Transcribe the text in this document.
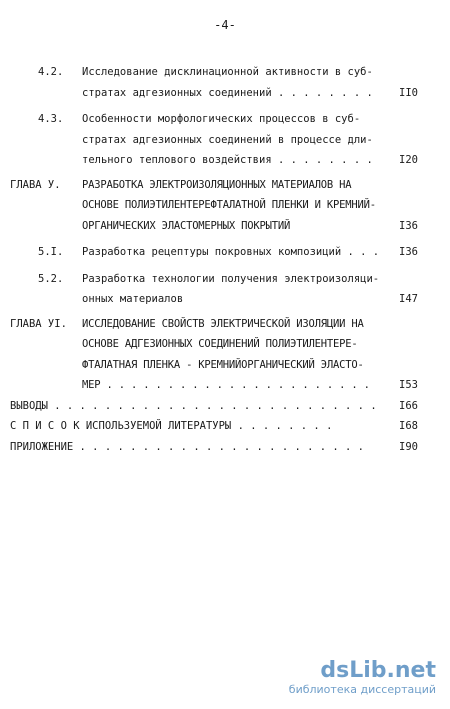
-4-
4.2. Исследование дисклинационной активности в суб-
стратах адгезионных соединений . . . . . . . .	II0
4.3. Особенности морфологических процессов в суб-
стратах адгезионных соединений в процессе дли-
тельного теплового воздействия . . . . . . . .	I20
ГЛАВА У. РАЗРАБОТКА ЭЛЕКТРОИЗОЛЯЦИОННЫХ МАТЕРИАЛОВ НА
ОСНОВЕ ПОЛИЭТИЛЕНТЕРЕФТАЛАТНОЙ ПЛЕНКИ И КРЕМНИЙ-
ОРГАНИЧЕСКИХ ЭЛАСТОМЕРНЫХ ПОКРЫТИЙ	I36
5.I. Разработка рецептуры покровных композиций . . . I36
5.2. Разработка технологии получения электроизоляци-
онных материалов	I47
ГЛАВА УI. ИССЛЕДОВАНИЕ СВОЙСТВ ЭЛЕКТРИЧЕСКОЙ ИЗОЛЯЦИИ НА
ОСНОВЕ АДГЕЗИОННЫХ СОЕДИНЕНИЙ ПОЛИЭТИЛЕНТЕРЕ-
ФТАЛАТНАЯ ПЛЕНКА - КРЕМНИЙОРГАНИЧЕСКИЙ ЭЛАСТО-
МЕР . . . . . . . . . . . . . . . . . . . . . .	I53
ВЫВОДЫ . . . . . . . . . . . . . . . . . . . . . . . . . .	I66
С П И С О К ИСПОЛЬЗУЕМОЙ ЛИТЕРАТУРЫ . . . . . . . .	I68
ПРИЛОЖЕНИЕ . . . . . . . . . . . . . . . . . . . . . . .	I90
dsLib.net
библиотека диссертаций
